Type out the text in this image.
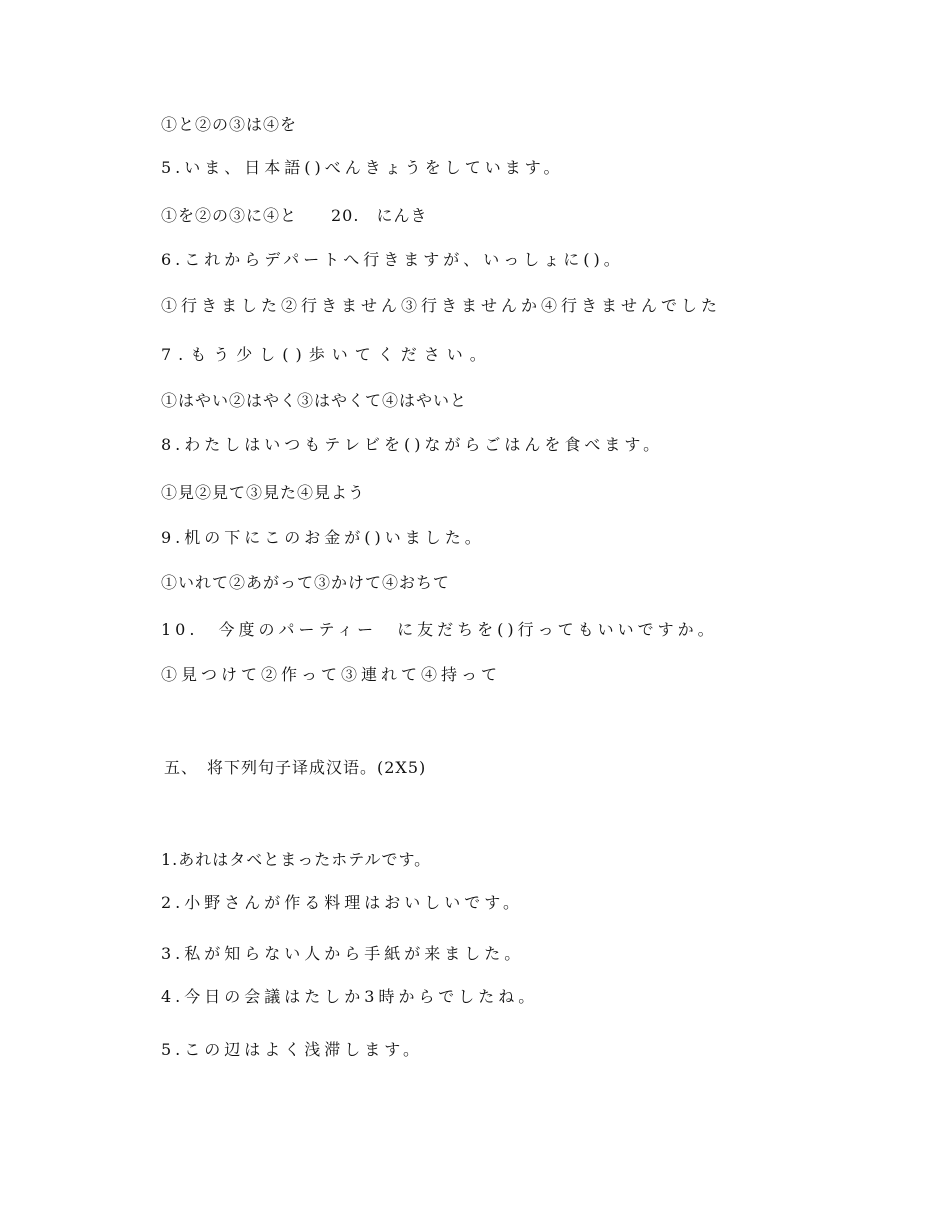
①と②の③は④を
5.いま、日本語()べんきょうをしています。
①を②の③に④と　　20.　にんき
6.これからデパートへ行きますが、いっしょに()。
①行きました②行きません③行きませんか④行きませんでした
7.もう少し()歩いてください。
①はやい②はやく③はやくて④はやいと
8.わたしはいつもテレビを()ながらごはんを食べます。
①見②見て③見た④見よう
9.机の下にこのお金が()いました。
①いれて②あがって③かけて④おちて
10.　今度のパーティー　に友だちを()行ってもいいですか。
①見つけて②作って③連れて④持って
五、　将下列句子译成汉语。(2X5)
1.あれはタベとまったホテルです。
2.小野さんが作る料理はおいしいです。
3.私が知らない人から手紙が来ました。
4.今日の会議はたしか3時からでしたね。
5.この辺はよく浅滞します。
